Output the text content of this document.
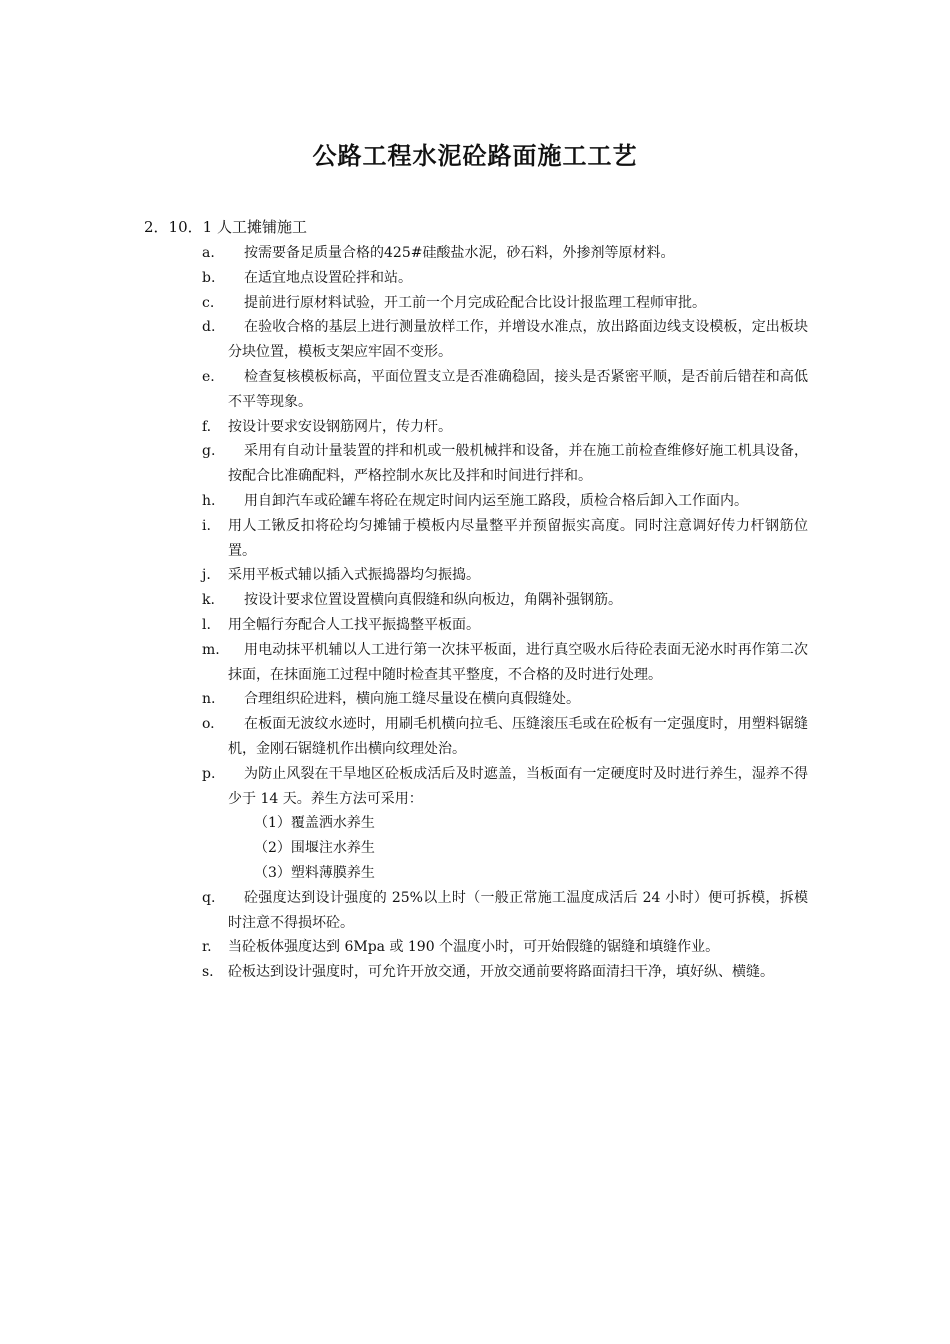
公路工程水泥砼路面施工工艺

2．10．1 人工摊铺施工

a.	按需要备足质量合格的425#硅酸盐水泥，砂石料，外掺剂等原材料。
b.	在适宜地点设置砼拌和站。
c.	提前进行原材料试验，开工前一个月完成砼配合比设计报监理工程师审批。
d.	在验收合格的基层上进行测量放样工作，并增设水准点，放出路面边线支设模板，定出板块分块位置，模板支架应牢固不变形。
e.	检查复核模板标高，平面位置支立是否准确稳固，接头是否紧密平顺，是否前后错茬和高低不平等现象。
f. 按设计要求安设钢筋网片，传力杆。
g.	采用有自动计量装置的拌和机或一般机械拌和设备，并在施工前检查维修好施工机具设备，按配合比准确配料，严格控制水灰比及拌和时间进行拌和。
h.	用自卸汽车或砼罐车将砼在规定时间内运至施工路段，质检合格后卸入工作面内。
i. 用人工锹反扣将砼均匀摊铺于模板内尽量整平并预留振实高度。同时注意调好传力杆钢筋位置。
j. 采用平板式辅以插入式振捣器均匀振捣。
k.	按设计要求位置设置横向真假缝和纵向板边，角隅补强钢筋。
l. 用全幅行夯配合人工找平振捣整平板面。
m.	用电动抹平机辅以人工进行第一次抹平板面，进行真空吸水后待砼表面无泌水时再作第二次抹面，在抹面施工过程中随时检查其平整度，不合格的及时进行处理。
n.	合理组织砼进料，横向施工缝尽量设在横向真假缝处。
o.	在板面无波纹水迹时，用刷毛机横向拉毛、压缝滚压毛或在砼板有一定强度时，用塑料锯缝机，金刚石锯缝机作出横向纹理处治。
p.	为防止风裂在干旱地区砼板成活后及时遮盖，当板面有一定硬度时及时进行养生，湿养不得少于 14 天。养生方法可采用：
（1）覆盖洒水养生
（2）围堰注水养生
（3）塑料薄膜养生
q.	砼强度达到设计强度的 25%以上时（一般正常施工温度成活后 24 小时）便可拆模，拆模时注意不得损坏砼。
r. 当砼板体强度达到 6Mpa 或 190 个温度小时，可开始假缝的锯缝和填缝作业。
s. 砼板达到设计强度时，可允许开放交通，开放交通前要将路面清扫干净，填好纵、横缝。
